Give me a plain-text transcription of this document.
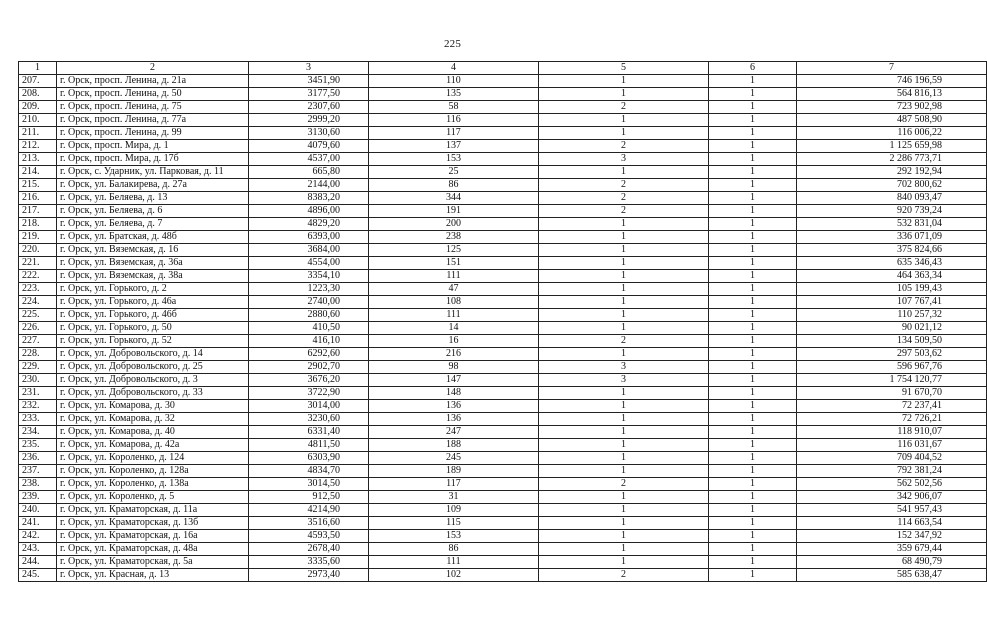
225
1	2	3	4	5	6	7
207.	г. Орск, просп. Ленина, д. 21а	3451,90	110	1	1	746 196,59
208.	г. Орск, просп. Ленина, д. 50	3177,50	135	1	1	564 816,13
209.	г. Орск, просп. Ленина, д. 75	2307,60	58	2	1	723 902,98
210.	г. Орск, просп. Ленина, д. 77а	2999,20	116	1	1	487 508,90
211.	г. Орск, просп. Ленина, д. 99	3130,60	117	1	1	116 006,22
212.	г. Орск, просп. Мира, д. 1	4079,60	137	2	1	1 125 659,98
213.	г. Орск, просп. Мира, д. 17б	4537,00	153	3	1	2 286 773,71
214.	г. Орск, с. Ударник, ул. Парковая, д. 11	665,80	25	1	1	292 192,94
215.	г. Орск, ул. Балакирева, д. 27а	2144,00	86	2	1	702 800,62
216.	г. Орск, ул. Беляева, д. 13	8383,20	344	2	1	840 093,47
217.	г. Орск, ул. Беляева, д. 6	4896,00	191	2	1	920 739,24
218.	г. Орск, ул. Беляева, д. 7	4829,20	200	1	1	532 831,04
219.	г. Орск, ул. Братская, д. 48б	6393,00	238	1	1	336 071,09
220.	г. Орск, ул. Вяземская, д. 16	3684,00	125	1	1	375 824,66
221.	г. Орск, ул. Вяземская, д. 36а	4554,00	151	1	1	635 346,43
222.	г. Орск, ул. Вяземская, д. 38а	3354,10	111	1	1	464 363,34
223.	г. Орск, ул. Горького, д. 2	1223,30	47	1	1	105 199,43
224.	г. Орск, ул. Горького, д. 46а	2740,00	108	1	1	107 767,41
225.	г. Орск, ул. Горького, д. 46б	2880,60	111	1	1	110 257,32
226.	г. Орск, ул. Горького, д. 50	410,50	14	1	1	90 021,12
227.	г. Орск, ул. Горького, д. 52	416,10	16	2	1	134 509,50
228.	г. Орск, ул. Добровольского, д. 14	6292,60	216	1	1	297 503,62
229.	г. Орск, ул. Добровольского, д. 25	2902,70	98	3	1	596 967,76
230.	г. Орск, ул. Добровольского, д. 3	3676,20	147	3	1	1 754 120,77
231.	г. Орск, ул. Добровольского, д. 33	3722,90	148	1	1	91 670,70
232.	г. Орск, ул. Комарова, д. 30	3014,00	136	1	1	72 237,41
233.	г. Орск, ул. Комарова, д. 32	3230,60	136	1	1	72 726,21
234.	г. Орск, ул. Комарова, д. 40	6331,40	247	1	1	118 910,07
235.	г. Орск, ул. Комарова, д. 42а	4811,50	188	1	1	116 031,67
236.	г. Орск, ул. Короленко, д. 124	6303,90	245	1	1	709 404,52
237.	г. Орск, ул. Короленко, д. 128а	4834,70	189	1	1	792 381,24
238.	г. Орск, ул. Короленко, д. 138а	3014,50	117	2	1	562 502,56
239.	г. Орск, ул. Короленко, д. 5	912,50	31	1	1	342 906,07
240.	г. Орск, ул. Краматорская, д. 11а	4214,90	109	1	1	541 957,43
241.	г. Орск, ул. Краматорская, д. 13б	3516,60	115	1	1	114 663,54
242.	г. Орск, ул. Краматорская, д. 16а	4593,50	153	1	1	152 347,92
243.	г. Орск, ул. Краматорская, д. 48а	2678,40	86	1	1	359 679,44
244.	г. Орск, ул. Краматорская, д. 5а	3335,60	111	1	1	68 490,79
245.	г. Орск, ул. Красная, д. 13	2973,40	102	2	1	585 638,47
